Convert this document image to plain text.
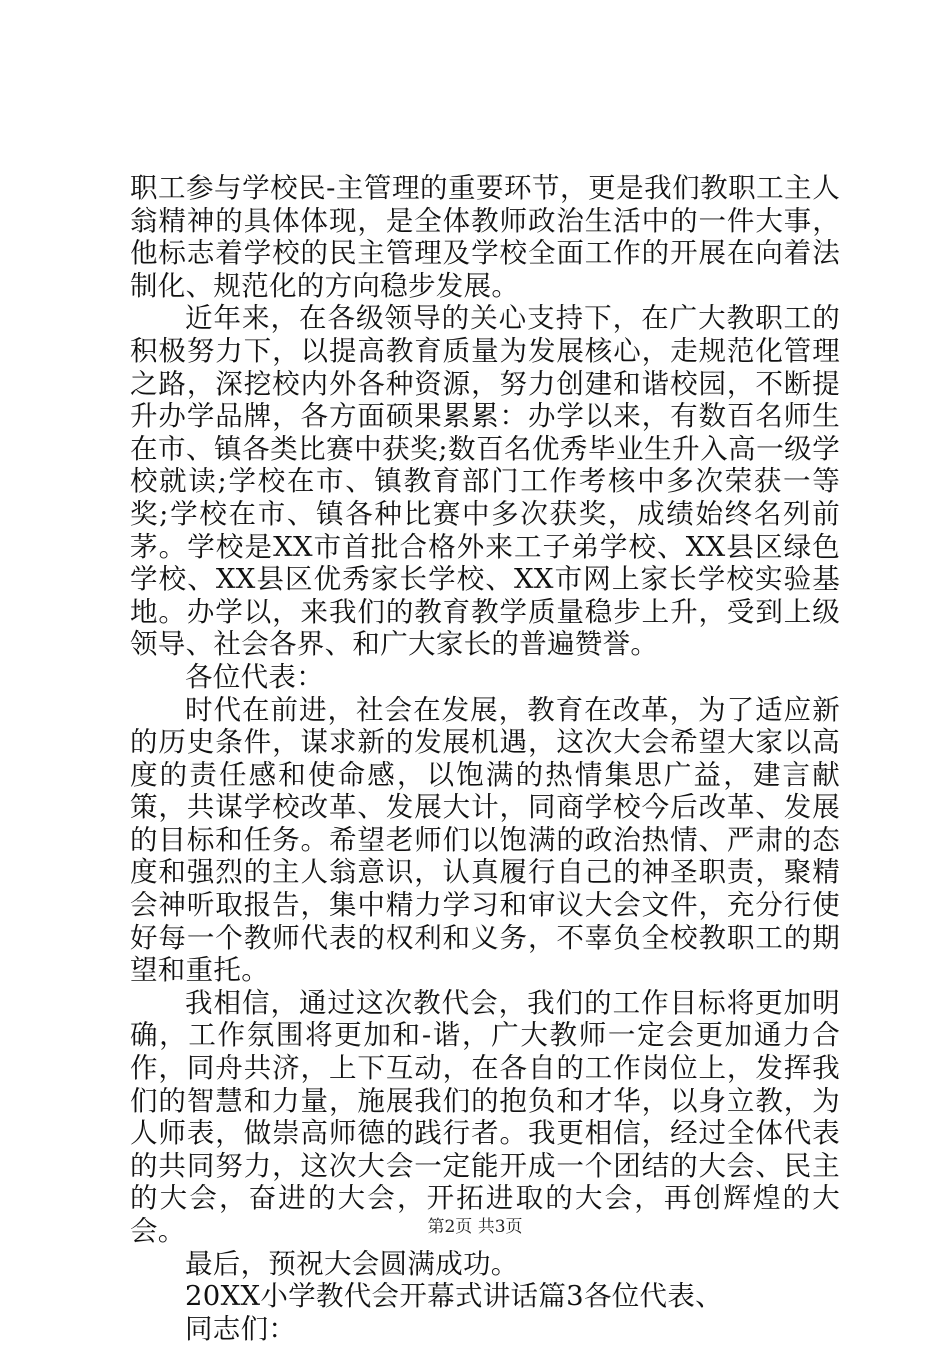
职工参与学校民-主管理的重要环节，更是我们教职工主人翁精神的具体体现，是全体教师政治生活中的一件大事，他标志着学校的民主管理及学校全面工作的开展在向着法制化、规范化的方向稳步发展。

近年来，在各级领导的关心支持下，在广大教职工的积极努力下，以提高教育质量为发展核心，走规范化管理之路，深挖校内外各种资源，努力创建和谐校园，不断提升办学品牌，各方面硕果累累：办学以来，有数百名师生在市、镇各类比赛中获奖;数百名优秀毕业生升入高一级学校就读;学校在市、镇教育部门工作考核中多次荣获一等奖;学校在市、镇各种比赛中多次获奖，成绩始终名列前茅。学校是XX市首批合格外来工子弟学校、XX县区绿色学校、XX县区优秀家长学校、XX市网上家长学校实验基地。办学以，来我们的教育教学质量稳步上升，受到上级领导、社会各界、和广大家长的普遍赞誉。

各位代表：

时代在前进，社会在发展，教育在改革，为了适应新的历史条件，谋求新的发展机遇，这次大会希望大家以高度的责任感和使命感，以饱满的热情集思广益，建言献策，共谋学校改革、发展大计，同商学校今后改革、发展的目标和任务。希望老师们以饱满的政治热情、严肃的态度和强烈的主人翁意识，认真履行自己的神圣职责，聚精会神听取报告，集中精力学习和审议大会文件，充分行使好每一个教师代表的权利和义务，不辜负全校教职工的期望和重托。

我相信，通过这次教代会，我们的工作目标将更加明确，工作氛围将更加和-谐，广大教师一定会更加通力合作，同舟共济，上下互动，在各自的工作岗位上，发挥我们的智慧和力量，施展我们的抱负和才华，以身立教，为人师表，做崇高师德的践行者。我更相信，经过全体代表的共同努力，这次大会一定能开成一个团结的大会、民主的大会，奋进的大会，开拓进取的大会，再创辉煌的大会。

最后，预祝大会圆满成功。

20XX小学教代会开幕式讲话篇3各位代表、

同志们：

第2页 共3页
